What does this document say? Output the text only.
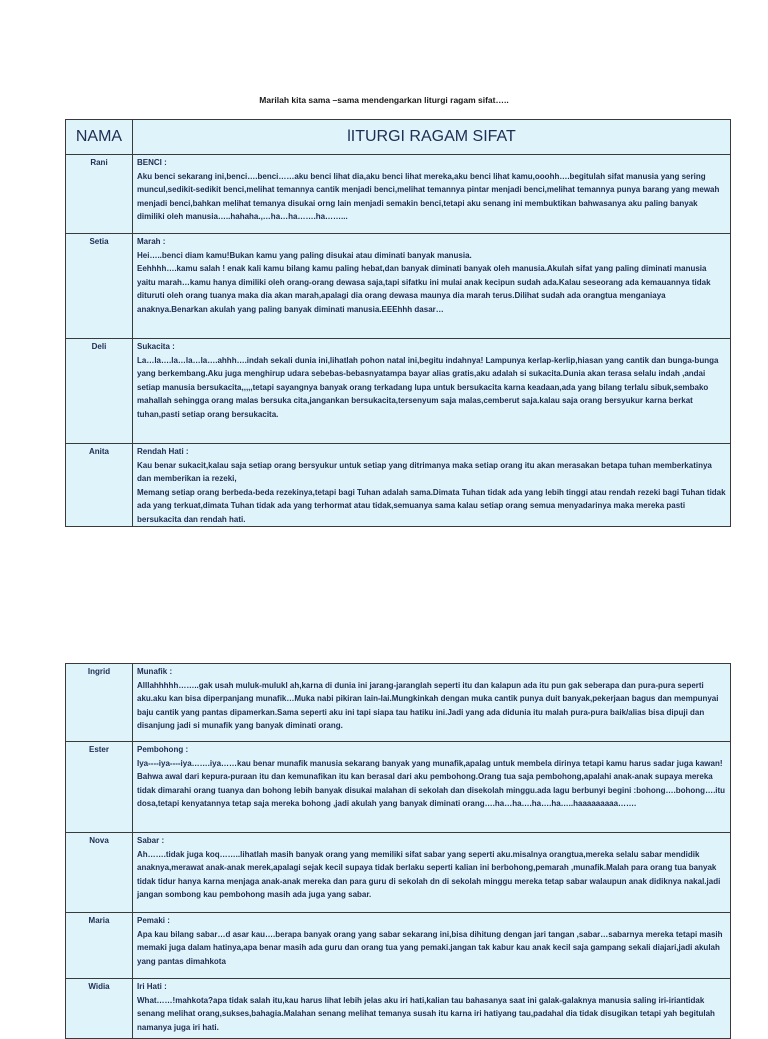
Marilah kita sama –sama mendengarkan liturgi ragam sifat…..
NAMA	lITURGI RAGAM SIFAT
Rani	BENCI :
Aku benci sekarang ini,benci….benci……aku benci lihat dia,aku benci lihat mereka,aku benci lihat kamu,ooohh….begitulah sifat manusia yang sering muncul,sedikit-sedikit benci,melihat temannya cantik menjadi benci,melihat temannya pintar menjadi benci,melihat temannya punya barang yang mewah menjadi benci,bahkan melihat temanya disukai orng lain menjadi semakin benci,tetapi aku senang ini membuktikan bahwasanya aku paling banyak dimiliki oleh manusia…..hahaha.,…ha…ha…….ha……...
Setia	Marah :
Hei…..benci diam kamu!Bukan kamu yang paling disukai atau diminati banyak manusia.
Eehhhh….kamu salah ! enak kali kamu bilang kamu paling hebat,dan banyak diminati banyak oleh manusia.Akulah sifat yang paling diminati manusia yaitu marah…kamu hanya dimiliki oleh orang-orang dewasa saja,tapi sifatku ini mulai anak kecipun sudah ada.Kalau seseorang ada kemauannya tidak dituruti oleh orang tuanya maka dia akan marah,apalagi dia orang dewasa maunya dia marah terus.Dilihat sudah ada orangtua menganiaya anaknya.Benarkan akulah yang paling banyak diminati manusia.EEEhhh dasar…
Deli	Sukacita :
La…la….la…la…la….ahhh….indah sekali dunia ini,lihatlah pohon natal ini,begitu indahnya! Lampunya kerlap-kerlip,hiasan yang cantik dan bunga-bunga yang berkembang.Aku juga menghirup udara sebebas-bebasnyatampa bayar alias gratis,aku adalah si sukacita.Dunia akan terasa selalu indah ,andai setiap manusia bersukacita,,,,,tetapi sayangnya banyak orang terkadang lupa untuk bersukacita karna keadaan,ada yang bilang terlalu sibuk,sembako mahallah sehingga orang malas bersuka cita,jangankan bersukacita,tersenyum saja malas,cemberut saja.kalau saja orang bersyukur karna berkat tuhan,pasti setiap orang bersukacita.
Anita	Rendah Hati :
Kau benar sukacit,kalau saja setiap orang bersyukur untuk setiap yang ditrimanya maka setiap orang itu akan merasakan betapa tuhan memberkatinya dan memberikan ia rezeki,
Memang setiap orang berbeda-beda rezekinya,tetapi bagi Tuhan adalah sama.Dimata Tuhan tidak ada yang lebih tinggi atau rendah rezeki bagi Tuhan tidak ada yang terkuat,dimata Tuhan tidak ada yang terhormat atau tidak,semuanya sama kalau setiap orang semua menyadarinya maka mereka pasti bersukacita dan rendah hati.
Ingrid	Munafik :
Alllahhhhh……..gak usah muluk-mulukl ah,karna di dunia ini jarang-jaranglah seperti itu dan kalapun ada itu pun gak seberapa dan pura-pura seperti aku.aku kan bisa diperpanjang munafik…Muka nabi pikiran lain-lai.Mungkinkah dengan muka cantik punya duit banyak,pekerjaan bagus dan mempunyai baju cantik yang pantas dipamerkan.Sama seperti aku ini tapi siapa tau hatiku ini.Jadi yang ada didunia itu malah pura-pura baik/alias bisa dipuji dan disanjung jadi si munafik yang banyak diminati orang.
Ester	Pembohong :
Iya----iya----iya…….iya……kau benar munafik manusia sekarang banyak yang munafik,apalag untuk membela dirinya tetapi kamu harus sadar juga kawan! Bahwa awal dari kepura-puraan itu dan kemunafikan itu kan berasal dari aku pembohong.Orang tua saja pembohong,apalahi anak-anak supaya mereka tidak dimarahi orang tuanya dan bohong lebih banyak disukai malahan di sekolah dan disekolah minggu.ada lagu berbunyi begini :bohong….bohong….itu dosa,tetapi kenyatannya tetap saja mereka bohong ,jadi akulah yang banyak diminati orang….ha…ha….ha….ha…..haaaaaaaaa…….
Nova	Sabar :
Ah…….tidak juga koq……..lihatlah masih banyak orang yang memiliki sifat sabar yang seperti aku.misalnya orangtua,mereka selalu sabar mendidik anaknya,merawat anak-anak merek,apalagi sejak kecil supaya tidak berlaku seperti kalian ini berbohong,pemarah ,munafik.Malah para orang tua banyak tidak tidur hanya karna menjaga anak-anak mereka dan para guru di sekolah dn di sekolah minggu mereka tetap sabar walaupun anak didiknya nakal.jadi jangan sombong kau pembohong masih ada juga yang sabar.
Maria	Pemaki :
Apa kau bilang sabar…d asar kau….berapa banyak orang yang sabar sekarang ini,bisa dihitung dengan jari tangan ,sabar…sabarnya mereka tetapi masih memaki juga dalam hatinya,apa benar masih ada guru dan orang tua yang pemaki.jangan tak kabur kau anak kecil saja gampang sekali diajari,jadi akulah yang pantas dimahkota
Widia	Iri Hati :
What……!mahkota?apa tidak salah itu,kau harus lihat lebih jelas aku iri hati,kalian tau bahasanya saat ini galak-galaknya manusia saling iri-iriantidak senang melihat orang,sukses,bahagia.Malahan senang melihat temanya susah itu karna iri hatiyang tau,padahal dia tidak disugikan tetapi yah begitulah namanya juga iri hati.
